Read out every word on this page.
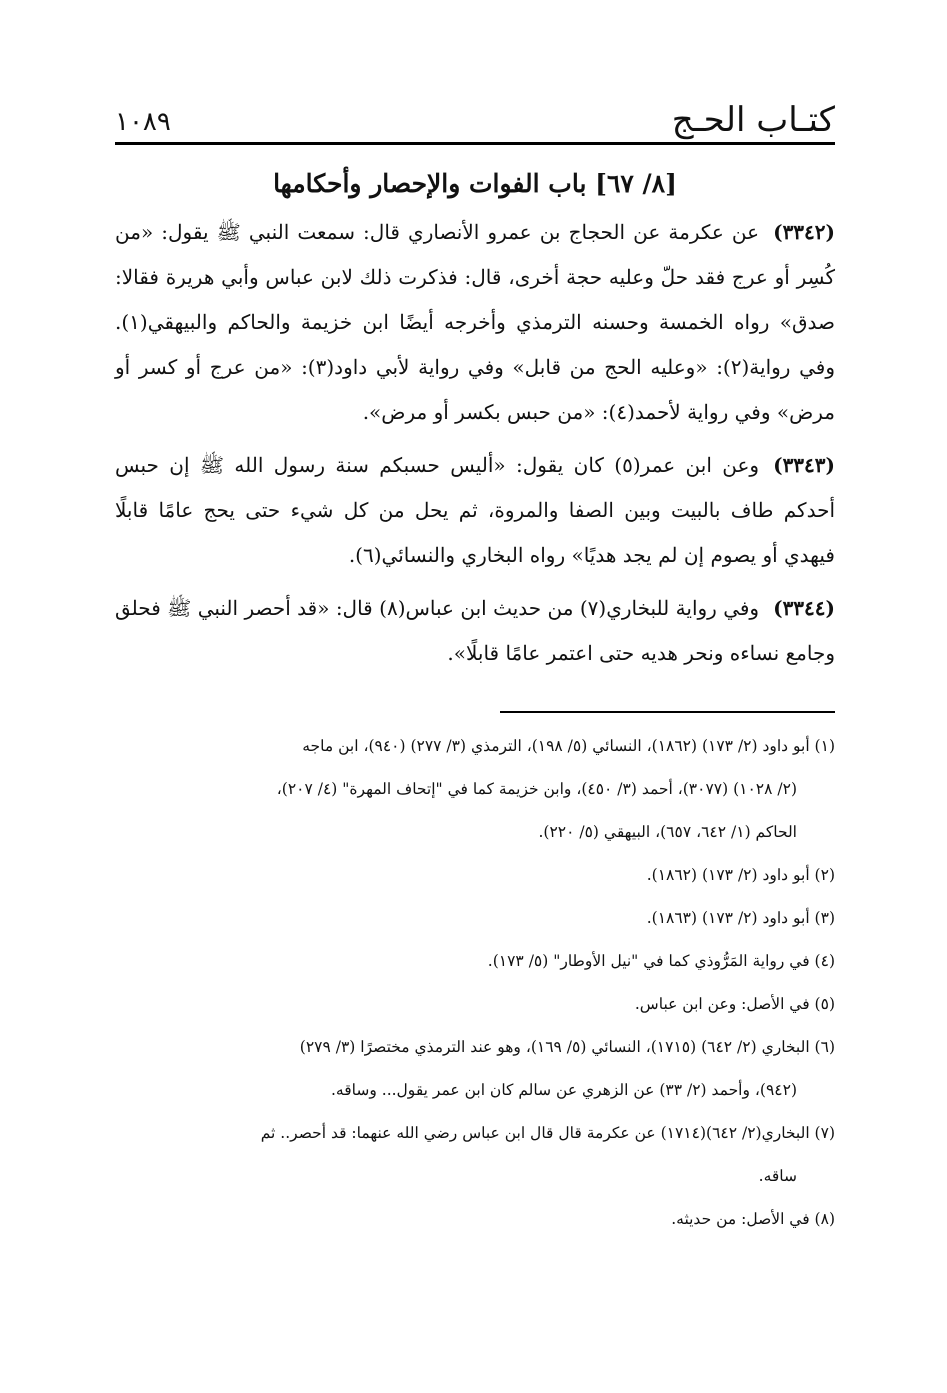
كتـاب الحـج
١٠٨٩
[٨/ ٦٧] باب الفوات والإحصار وأحكامها

(٣٣٤٢)عن عكرمة عن الحجاج بن عمرو الأنصاري قال: سمعت النبي ﷺ يقول: «من كُسِر أو عرج فقد حلّ وعليه حجة أخرى، قال: فذكرت ذلك لابن عباس وأبي هريرة فقالا: صدق» رواه الخمسة وحسنه الترمذي وأخرجه أيضًا ابن خزيمة والحاكم والبيهقي(١). وفي رواية(٢): «وعليه الحج من قابل» وفي رواية لأبي داود(٣): «من عرج أو كسر أو مرض» وفي رواية لأحمد(٤): «من حبس بكسر أو مرض».

(٣٣٤٣)وعن ابن عمر(٥) كان يقول: «أليس حسبكم سنة رسول الله ﷺ إن حبس أحدكم طاف بالبيت وبين الصفا والمروة، ثم يحل من كل شيء حتى يحج عامًا قابلًا فيهدي أو يصوم إن لم يجد هديًا» رواه البخاري والنسائي(٦).

(٣٣٤٤)وفي رواية للبخاري(٧) من حديث ابن عباس(٨) قال: «قد أحصر النبي ﷺ فحلق وجامع نساءه ونحر هديه حتى اعتمر عامًا قابلًا».

(١) أبو داود (٢/ ١٧٣) (١٨٦٢)، النسائي (٥/ ١٩٨)، الترمذي (٣/ ٢٧٧) (٩٤٠)، ابن ماجه
(٢/ ١٠٢٨) (٣٠٧٧)، أحمد (٣/ ٤٥٠)، وابن خزيمة كما في "إتحاف المهرة" (٤/ ٢٠٧)،
الحاكم (١/ ٦٤٢، ٦٥٧)، البيهقي (٥/ ٢٢٠).
(٢) أبو داود (٢/ ١٧٣) (١٨٦٢).
(٣) أبو داود (٢/ ١٧٣) (١٨٦٣).
(٤) في رواية المَرُّوذي كما في "نيل الأوطار" (٥/ ١٧٣).
(٥) في الأصل: وعن ابن عباس.
(٦) البخاري (٢/ ٦٤٢) (١٧١٥)، النسائي (٥/ ١٦٩)، وهو عند الترمذي مختصرًا (٣/ ٢٧٩)
(٩٤٢)، وأحمد (٢/ ٣٣) عن الزهري عن سالم كان ابن عمر يقول... وساقه.
(٧) البخاري(٢/ ٦٤٢)(١٧١٤) عن عكرمة قال قال ابن عباس رضي الله عنهما: قد أحصر.. ثم
ساقه.
(٨) في الأصل: من حديثه.
